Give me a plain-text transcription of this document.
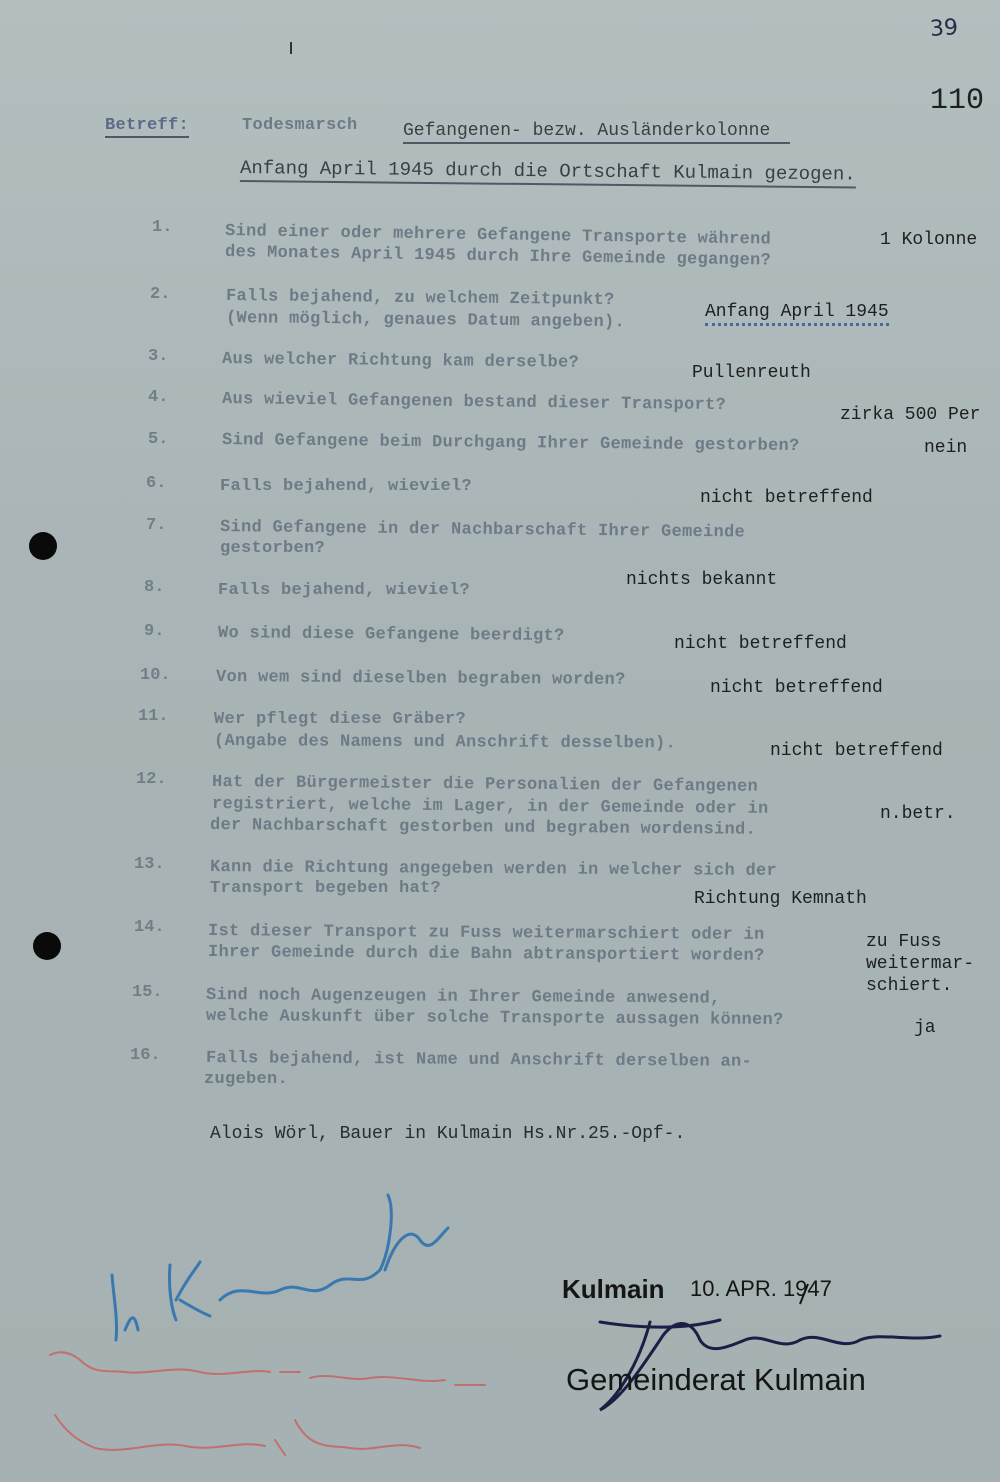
39
110
Betreff:	Todesmarsch	Gefangenen- bezw. Ausländerkolonne
Anfang April 1945 durch die Ortschaft Kulmain gezogen.
1.
2.
3.
4.
5.
6.
7.
8.
9.
10.
11.
12.
13.
14.
15.
16.
Sind einer oder mehrere Gefangene Transporte während
des Monates April 1945 durch Ihre Gemeinde gegangen?
Falls bejahend, zu welchem Zeitpunkt?
(Wenn möglich, genaues Datum angeben).
Aus welcher Richtung kam derselbe?
Aus wieviel Gefangenen bestand dieser Transport?
Sind Gefangene beim Durchgang Ihrer Gemeinde gestorben?
Falls bejahend, wieviel?
Sind Gefangene in der Nachbarschaft Ihrer Gemeinde
gestorben?
Falls bejahend, wieviel?
Wo sind diese Gefangene beerdigt?
Von wem sind dieselben begraben worden?
Wer pflegt diese Gräber?
(Angabe des Namens und Anschrift desselben).
Hat der Bürgermeister die Personalien der Gefangenen
registriert, welche im Lager, in der Gemeinde oder in
der Nachbarschaft gestorben und begraben wordensind.
Kann die Richtung angegeben werden in welcher sich der
Transport begeben hat?
Ist dieser Transport zu Fuss weitermarschiert oder in
Ihrer Gemeinde durch die Bahn abtransportiert worden?
Sind noch Augenzeugen in Ihrer Gemeinde anwesend,
welche Auskunft über solche Transporte aussagen können?
Falls bejahend, ist Name und Anschrift derselben an-
zugeben.
1 Kolonne
Anfang April 1945
Pullenreuth
zirka 500 Per
nein
nicht betreffend
nichts bekannt
nicht betreffend
nicht betreffend
nicht betreffend
n.betr.
Richtung Kemnath
zu Fuss
weitermar-
schiert.
ja
Alois Wörl, Bauer in Kulmain Hs.Nr.25.-Opf-.
Kulmain 10. APR. 1947
Gemeinderat Kulmain
